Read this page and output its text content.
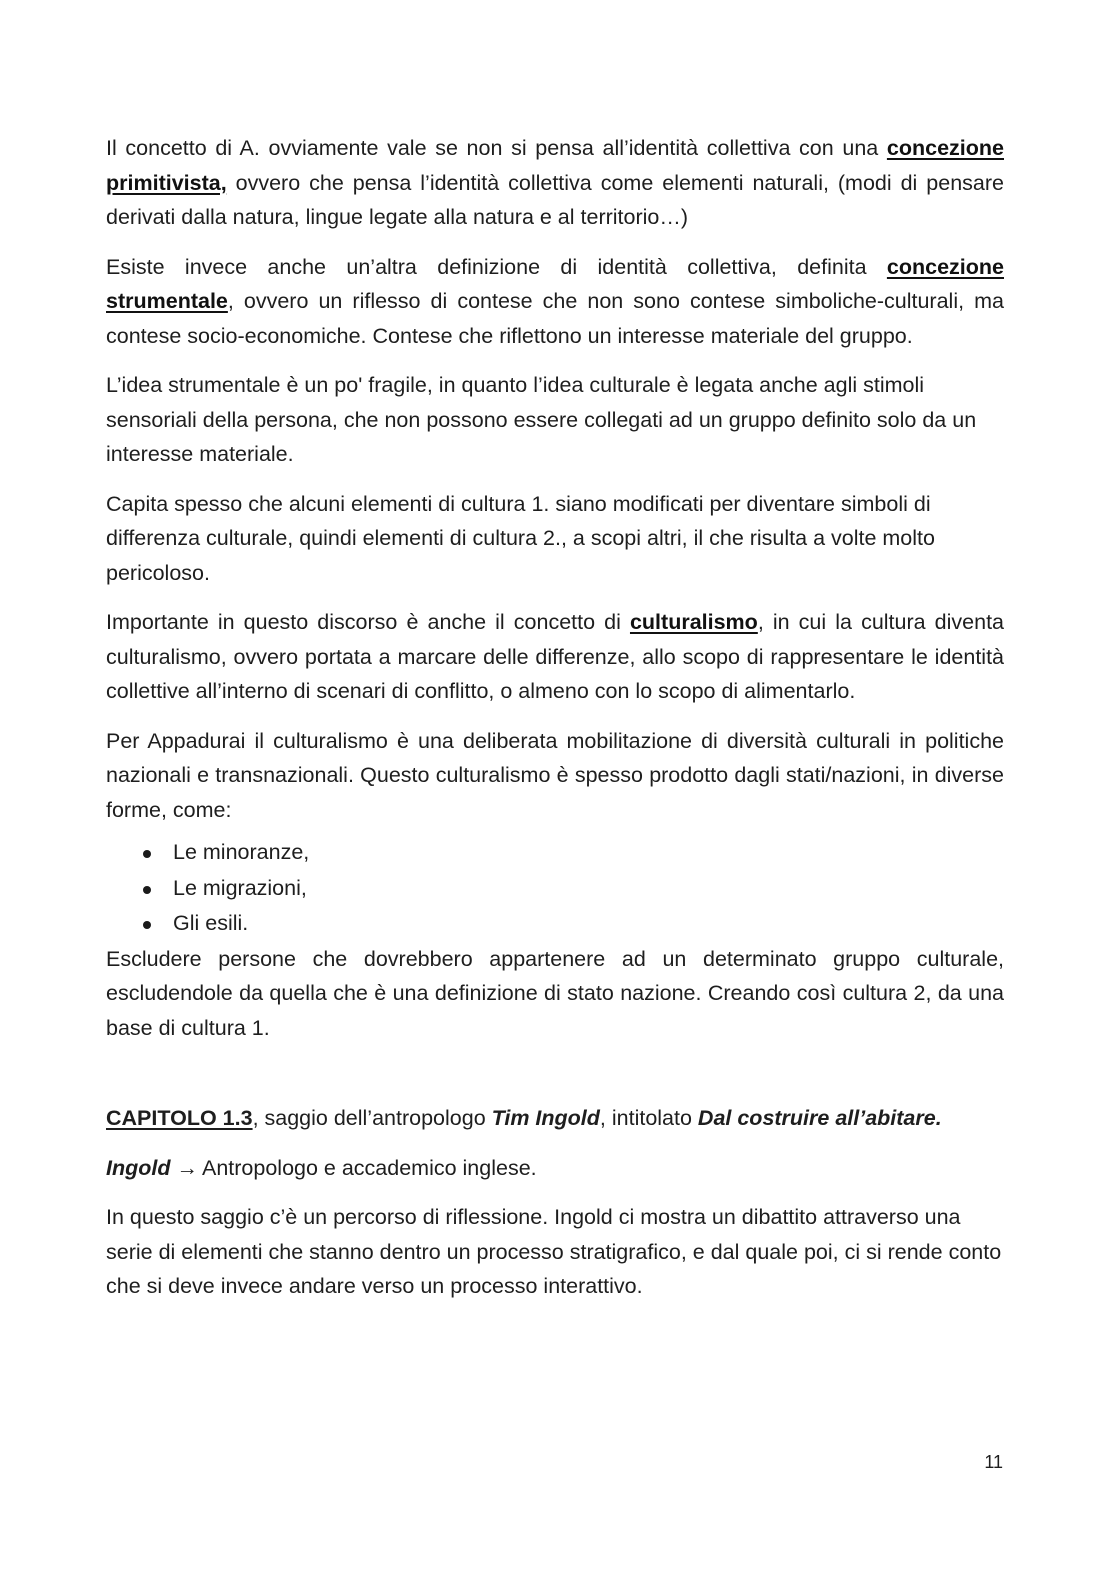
Il concetto di A. ovviamente vale se non si pensa all’identità collettiva con una concezione primitivista, ovvero che pensa l’identità collettiva come elementi naturali, (modi di pensare derivati dalla natura, lingue legate alla natura e al territorio…)

Esiste invece anche un’altra definizione di identità collettiva, definita concezione strumentale, ovvero un riflesso di contese che non sono contese simboliche-culturali, ma contese socio-economiche. Contese che riflettono un interesse materiale del gruppo.

L’idea strumentale è un po' fragile, in quanto l’idea culturale è legata anche agli stimoli sensoriali della persona, che non possono essere collegati ad un gruppo definito solo da un interesse materiale.

Capita spesso che alcuni elementi di cultura 1. siano modificati per diventare simboli di differenza culturale, quindi elementi di cultura 2., a scopi altri, il che risulta a volte molto pericoloso.

Importante in questo discorso è anche il concetto di culturalismo, in cui la cultura diventa culturalismo, ovvero portata a marcare delle differenze, allo scopo di rappresentare le identità collettive all’interno di scenari di conflitto, o almeno con lo scopo di alimentarlo.

Per Appadurai il culturalismo è una deliberata mobilitazione di diversità culturali in politiche nazionali e transnazionali. Questo culturalismo è spesso prodotto dagli stati/nazioni, in diverse forme, come:

Le minoranze,
Le migrazioni,
Gli esili.

Escludere persone che dovrebbero appartenere ad un determinato gruppo culturale, escludendole da quella che è una definizione di stato nazione. Creando così cultura 2, da una base di cultura 1.

CAPITOLO 1.3, saggio dell’antropologo Tim Ingold, intitolato Dal costruire all’abitare.

Ingold → Antropologo e accademico inglese.

In questo saggio c’è un percorso di riflessione. Ingold ci mostra un dibattito attraverso una serie di elementi che stanno dentro un processo stratigrafico, e dal quale poi, ci si rende conto che si deve invece andare verso un processo interattivo.

11
